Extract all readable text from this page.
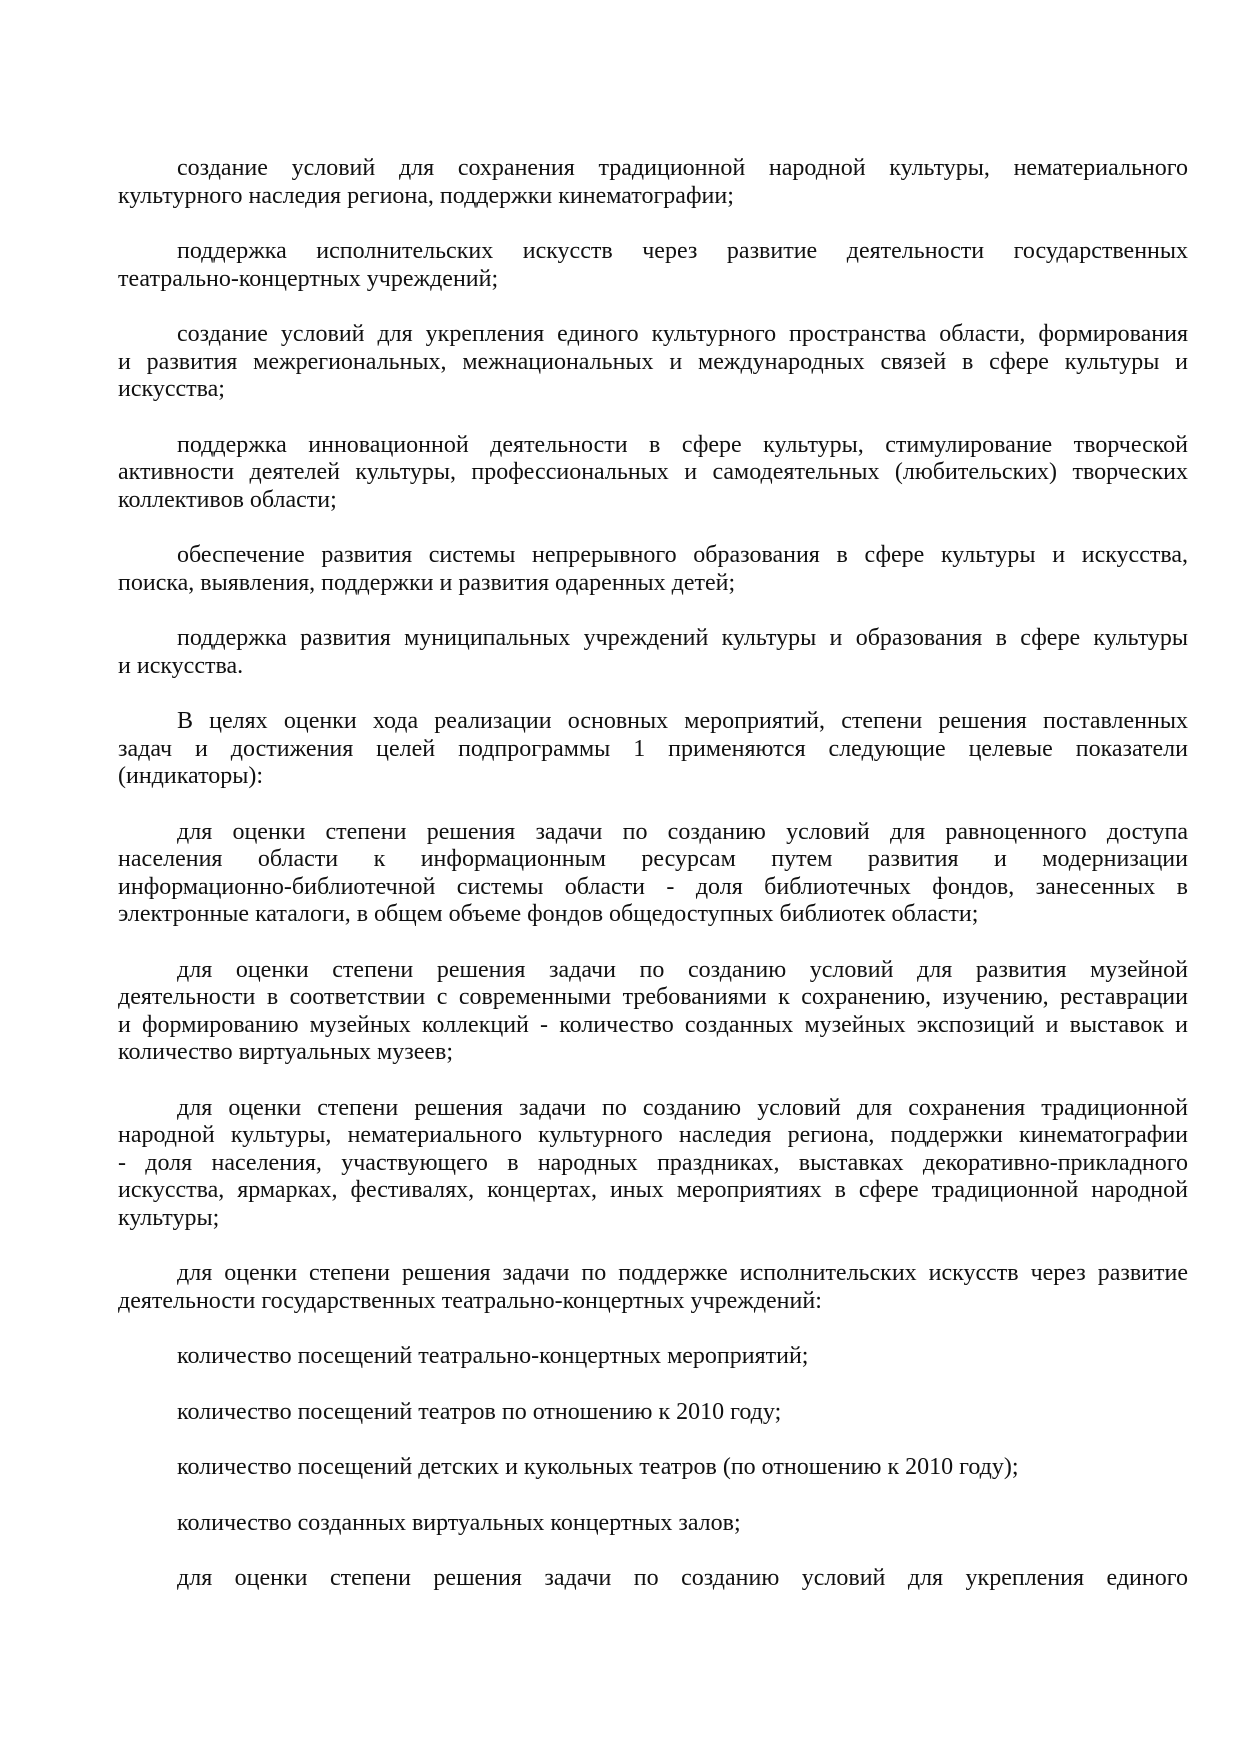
создание условий для сохранения традиционной народной культуры, нематериального
культурного наследия региона, поддержки кинематографии;
поддержка исполнительских искусств через развитие деятельности государственных
театрально-концертных учреждений;
создание условий для укрепления единого культурного пространства области, формирования
и развития межрегиональных, межнациональных и международных связей в сфере культуры и
искусства;
поддержка инновационной деятельности в сфере культуры, стимулирование творческой
активности деятелей культуры, профессиональных и самодеятельных (любительских) творческих
коллективов области;
обеспечение развития системы непрерывного образования в сфере культуры и искусства,
поиска, выявления, поддержки и развития одаренных детей;
поддержка развития муниципальных учреждений культуры и образования в сфере культуры
и искусства.
В целях оценки хода реализации основных мероприятий, степени решения поставленных
задач и достижения целей подпрограммы 1 применяются следующие целевые показатели
(индикаторы):
для оценки степени решения задачи по созданию условий для равноценного доступа
населения области к информационным ресурсам путем развития и модернизации
информационно-библиотечной системы области - доля библиотечных фондов, занесенных в
электронные каталоги, в общем объеме фондов общедоступных библиотек области;
для оценки степени решения задачи по созданию условий для развития музейной
деятельности в соответствии с современными требованиями к сохранению, изучению, реставрации
и формированию музейных коллекций - количество созданных музейных экспозиций и выставок и
количество виртуальных музеев;
для оценки степени решения задачи по созданию условий для сохранения традиционной
народной культуры, нематериального культурного наследия региона, поддержки кинематографии
- доля населения, участвующего в народных праздниках, выставках декоративно-прикладного
искусства, ярмарках, фестивалях, концертах, иных мероприятиях в сфере традиционной народной
культуры;
для оценки степени решения задачи по поддержке исполнительских искусств через развитие
деятельности государственных театрально-концертных учреждений:
количество посещений театрально-концертных мероприятий;
количество посещений театров по отношению к 2010 году;
количество посещений детских и кукольных театров (по отношению к 2010 году);
количество созданных виртуальных концертных залов;
для оценки степени решения задачи по созданию условий для укрепления единого
